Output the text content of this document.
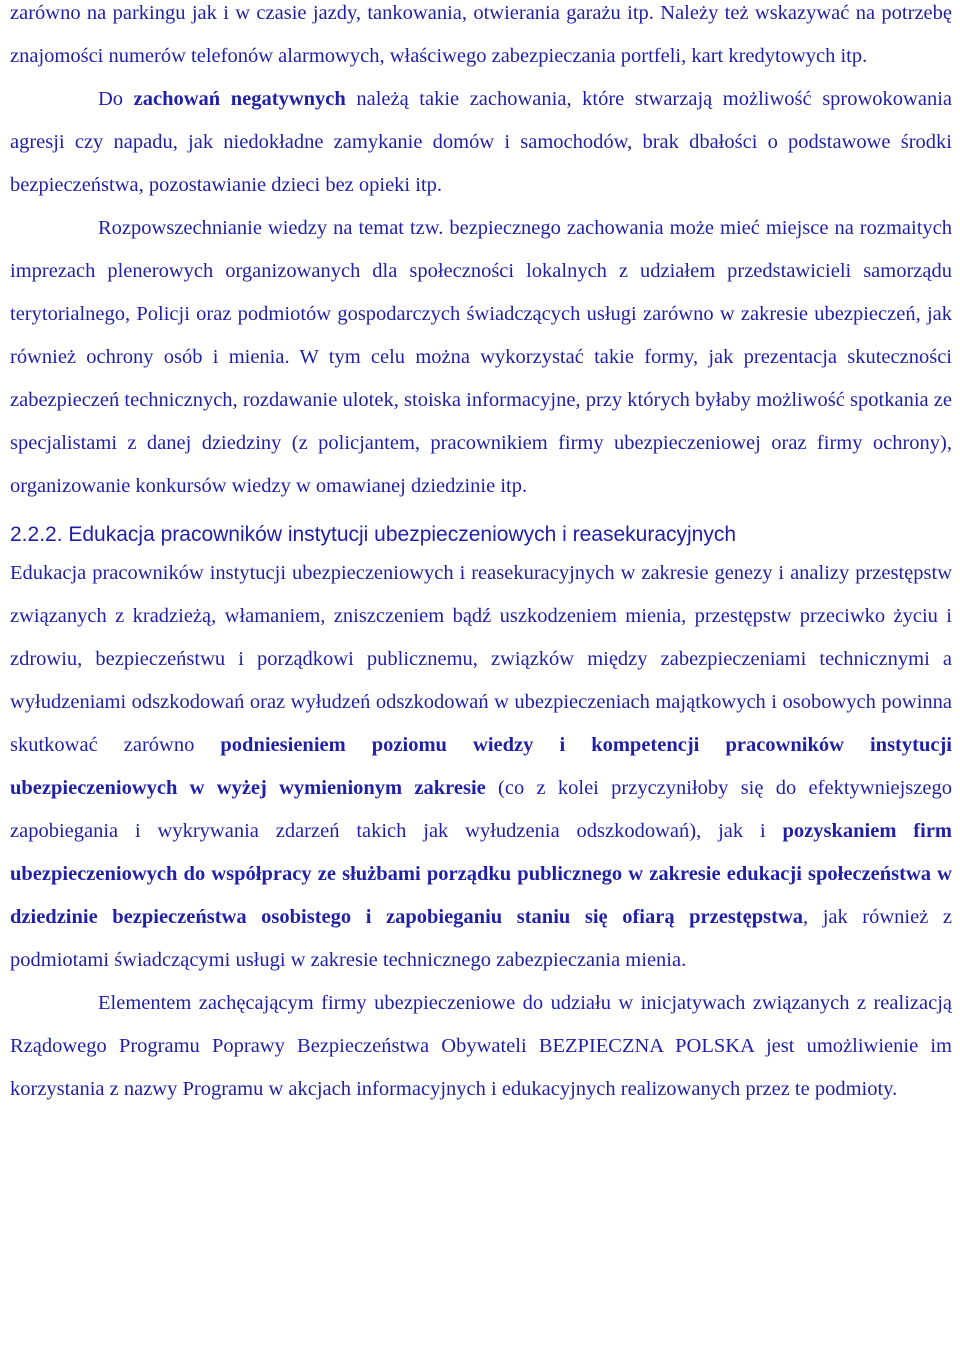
zarówno na parkingu jak i w czasie jazdy, tankowania, otwierania garażu itp. Należy też wskazywać na potrzebę znajomości numerów telefonów alarmowych, właściwego zabezpieczania portfeli, kart kredytowych itp.

Do zachowań negatywnych należą takie zachowania, które stwarzają możliwość sprowokowania agresji czy napadu, jak niedokładne zamykanie domów i samochodów, brak dbałości o podstawowe środki bezpieczeństwa, pozostawianie dzieci bez opieki itp.

Rozpowszechnianie wiedzy na temat tzw. bezpiecznego zachowania może mieć miejsce na rozmaitych imprezach plenerowych organizowanych dla społeczności lokalnych z udziałem przedstawicieli samorządu terytorialnego, Policji oraz podmiotów gospodarczych świadczących usługi zarówno w zakresie ubezpieczeń, jak również ochrony osób i mienia. W tym celu można wykorzystać takie formy, jak prezentacja skuteczności zabezpieczeń technicznych, rozdawanie ulotek, stoiska informacyjne, przy których byłaby możliwość spotkania ze specjalistami z danej dziedziny (z policjantem, pracownikiem firmy ubezpieczeniowej oraz firmy ochrony), organizowanie konkursów wiedzy w omawianej dziedzinie itp.

2.2.2. Edukacja pracowników instytucji ubezpieczeniowych i reasekuracyjnych

Edukacja pracowników instytucji ubezpieczeniowych i reasekuracyjnych w zakresie genezy i analizy przestępstw związanych z kradzieżą, włamaniem, zniszczeniem bądź uszkodzeniem mienia, przestępstw przeciwko życiu i zdrowiu, bezpieczeństwu i porządkowi publicznemu, związków między zabezpieczeniami technicznymi a wyłudzeniami odszkodowań oraz wyłudzeń odszkodowań w ubezpieczeniach majątkowych i osobowych powinna skutkować zarówno podniesieniem poziomu wiedzy i kompetencji pracowników instytucji ubezpieczeniowych w wyżej wymienionym zakresie (co z kolei przyczyniłoby się do efektywniejszego zapobiegania i wykrywania zdarzeń takich jak wyłudzenia odszkodowań), jak i pozyskaniem firm ubezpieczeniowych do współpracy ze służbami porządku publicznego w zakresie edukacji społeczeństwa w dziedzinie bezpieczeństwa osobistego i zapobieganiu staniu się ofiarą przestępstwa, jak również z podmiotami świadczącymi usługi w zakresie technicznego zabezpieczania mienia.

Elementem zachęcającym firmy ubezpieczeniowe do udziału w inicjatywach związanych z realizacją Rządowego Programu Poprawy Bezpieczeństwa Obywateli BEZPIECZNA POLSKA jest umożliwienie im korzystania z nazwy Programu w akcjach informacyjnych i edukacyjnych realizowanych przez te podmioty.
